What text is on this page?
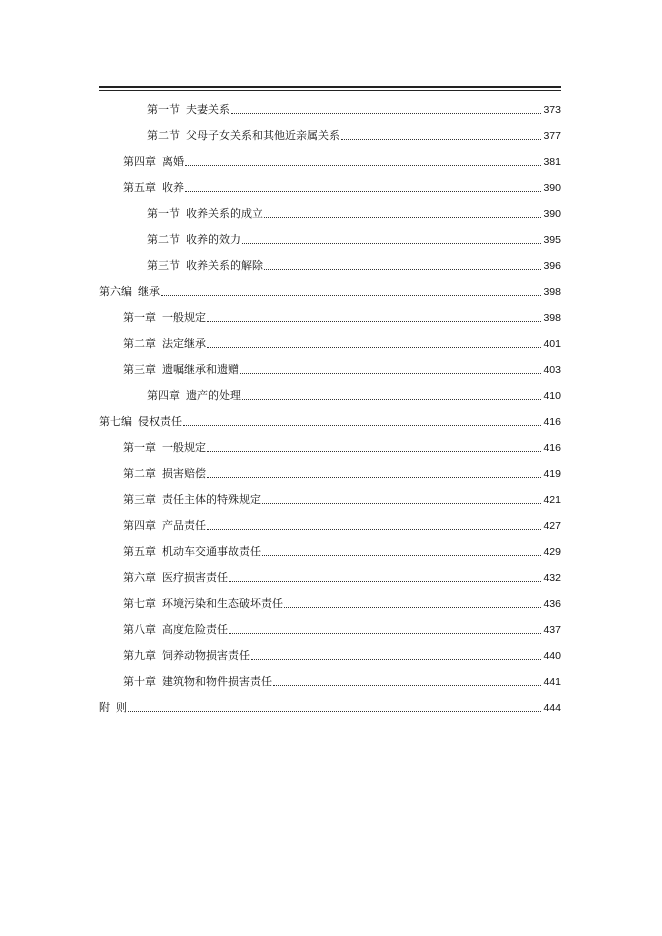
第一节 夫妻关系	373
第二节 父母子女关系和其他近亲属关系	377
第四章 离婚	381
第五章 收养	390
第一节 收养关系的成立	390
第二节 收养的效力	395
第三节 收养关系的解除	396
第六编 继承	398
第一章 一般规定	398
第二章 法定继承	401
第三章 遗嘱继承和遗赠	403
第四章 遗产的处理	410
第七编 侵权责任	416
第一章 一般规定	416
第二章 损害赔偿	419
第三章 责任主体的特殊规定	421
第四章 产品责任	427
第五章 机动车交通事故责任	429
第六章 医疗损害责任	432
第七章 环境污染和生态破坏责任	436
第八章 高度危险责任	437
第九章 饲养动物损害责任	440
第十章 建筑物和物件损害责任	441
附 则	444
